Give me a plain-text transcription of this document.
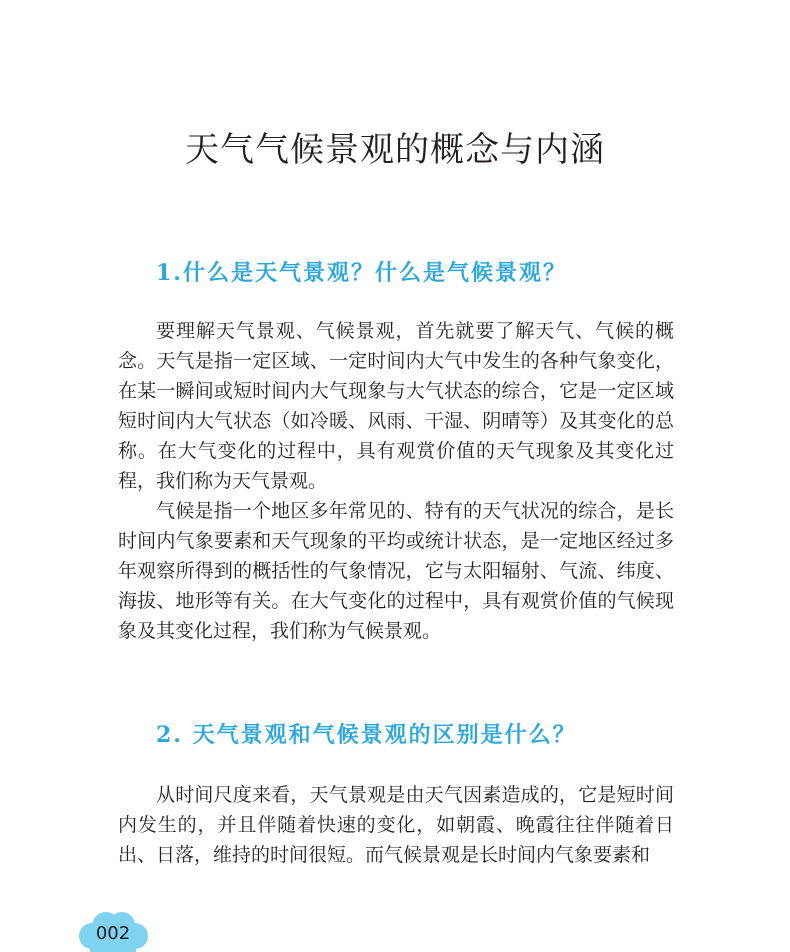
天气气候景观的概念与内涵
1.什么是天气景观？什么是气候景观？

要理解天气景观、气候景观，首先就要了解天气、气候的概念。天气是指一定区域、一定时间内大气中发生的各种气象变化，在某一瞬间或短时间内大气现象与大气状态的综合，它是一定区域短时间内大气状态（如冷暖、风雨、干湿、阴晴等）及其变化的总称。在大气变化的过程中，具有观赏价值的天气现象及其变化过程，我们称为天气景观。

气候是指一个地区多年常见的、特有的天气状况的综合，是长时间内气象要素和天气现象的平均或统计状态，是一定地区经过多年观察所得到的概括性的气象情况，它与太阳辐射、气流、纬度、海拔、地形等有关。在大气变化的过程中，具有观赏价值的气候现象及其变化过程，我们称为气候景观。

2. 天气景观和气候景观的区别是什么？

从时间尺度来看，天气景观是由天气因素造成的，它是短时间内发生的，并且伴随着快速的变化，如朝霞、晚霞往往伴随着日出、日落，维持的时间很短。而气候景观是长时间内气象要素和

002
